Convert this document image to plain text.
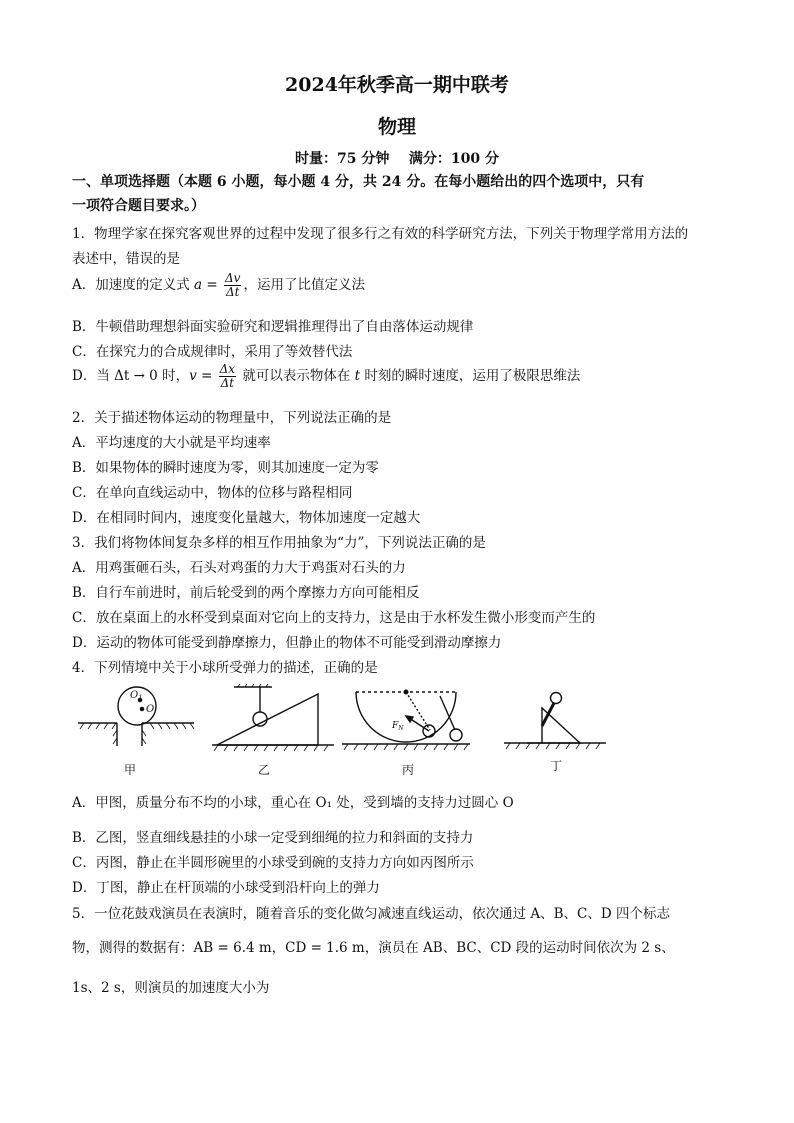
2024年秋季高一期中联考
物理
时量：75 分钟 满分：100 分
一、单项选择题（本题 6 小题，每小题 4 分，共 24 分。在每小题给出的四个选项中，只有
一项符合题目要求。）
1．物理学家在探究客观世界的过程中发现了很多行之有效的科学研究方法，下列关于物理学常用方法的
表述中，错误的是
A．加速度的定义式 $a = \frac{\Delta v}{\Delta t}$ ，运用了比值定义法
B．牛顿借助理想斜面实验研究和逻辑推理得出了自由落体运动规律
C．在探究力的合成规律时，采用了等效替代法
D．当 Δt → 0 时，$v = \frac{\Delta x}{\Delta t}$ 就可以表示物体在 t 时刻的瞬时速度，运用了极限思维法
2．关于描述物体运动的物理量中，下列说法正确的是
A．平均速度的大小就是平均速率
B．如果物体的瞬时速度为零，则其加速度一定为零
C．在单向直线运动中，物体的位移与路程相同
D．在相同时间内，速度变化量越大，物体加速度一定越大
3．我们将物体间复杂多样的相互作用抽象为“力”，下列说法正确的是
A．用鸡蛋砸石头，石头对鸡蛋的力大于鸡蛋对石头的力
B．自行车前进时，前后轮受到的两个摩擦力方向可能相反
C．放在桌面上的水杯受到桌面对它向上的支持力，这是由于水杯发生微小形变而产生的
D．运动的物体可能受到静摩擦力，但静止的物体不可能受到滑动摩擦力
4．下列情境中关于小球所受弹力的描述，正确的是
$O_1$
O
$F_N$
甲	乙	丙	丁
A．甲图，质量分布不均的小球，重心在 O₁ 处，受到墙的支持力过圆心 O
B．乙图，竖直细线悬挂的小球一定受到细绳的拉力和斜面的支持力
C．丙图，静止在半圆形碗里的小球受到碗的支持力方向如丙图所示
D．丁图，静止在杆顶端的小球受到沿杆向上的弹力
5．一位花鼓戏演员在表演时，随着音乐的变化做匀减速直线运动，依次通过 A、B、C、D 四个标志
物，测得的数据有：AB = 6.4 m，CD = 1.6 m，演员在 AB、BC、CD 段的运动时间依次为 2 s、
1s、2 s，则演员的加速度大小为
